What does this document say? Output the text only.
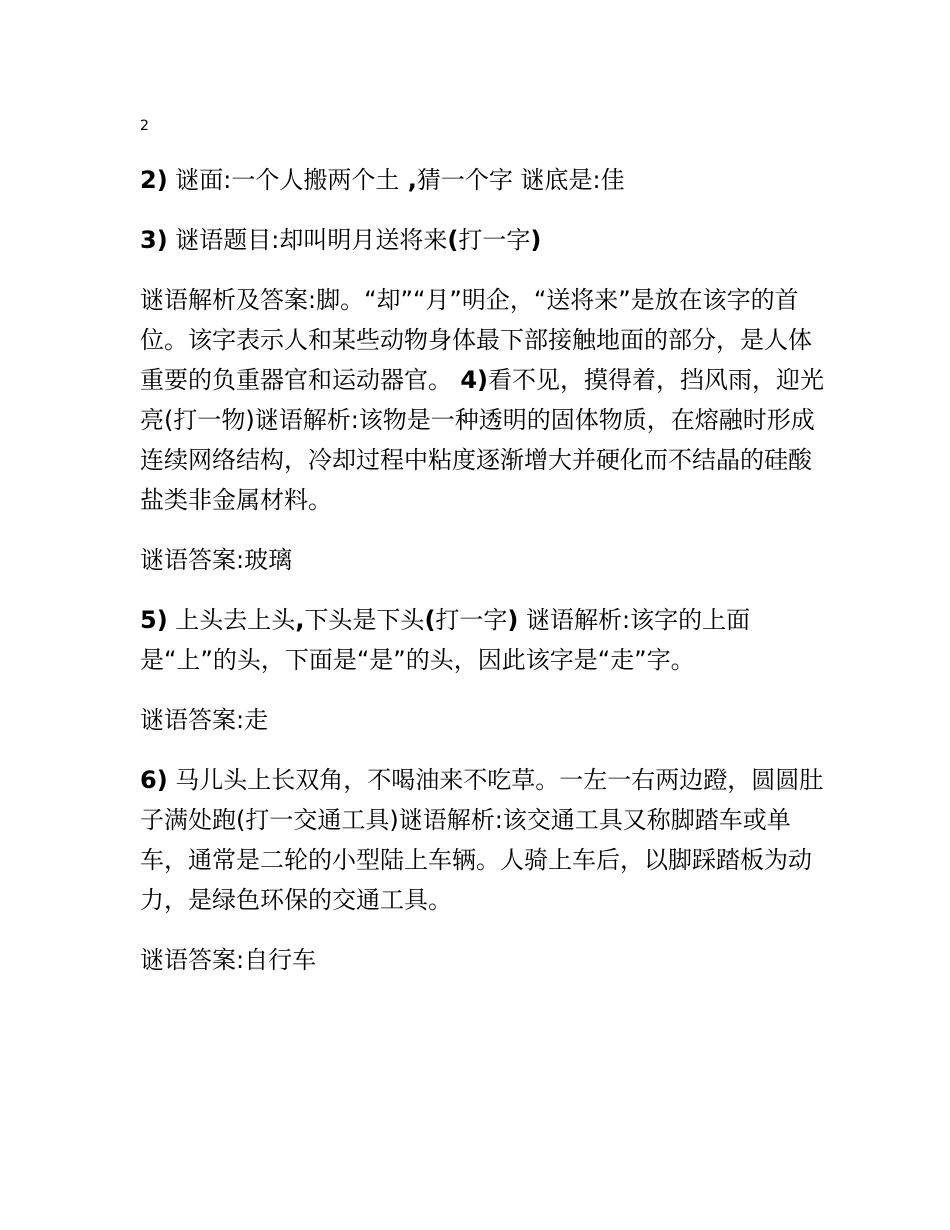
2

2) 谜面:一个人搬两个土 ,猜一个字 谜底是:佳

3) 谜语题目:却叫明月送将来(打一字)

谜语解析及答案:脚。“却”“月”明企，“送将来”是放在该字的首位。该字表示人和某些动物身体最下部接触地面的部分，是人体重要的负重器官和运动器官。 4)看不见，摸得着，挡风雨，迎光亮(打一物)谜语解析:该物是一种透明的固体物质，在熔融时形成连续网络结构，冷却过程中粘度逐渐增大并硬化而不结晶的硅酸盐类非金属材料。

谜语答案:玻璃

5) 上头去上头,下头是下头(打一字) 谜语解析:该字的上面是“上”的头，下面是“是”的头，因此该字是“走”字。

谜语答案:走

6) 马儿头上长双角，不喝油来不吃草。一左一右两边蹬，圆圆肚子满处跑(打一交通工具)谜语解析:该交通工具又称脚踏车或单车，通常是二轮的小型陆上车辆。人骑上车后，以脚踩踏板为动力，是绿色环保的交通工具。

谜语答案:自行车
